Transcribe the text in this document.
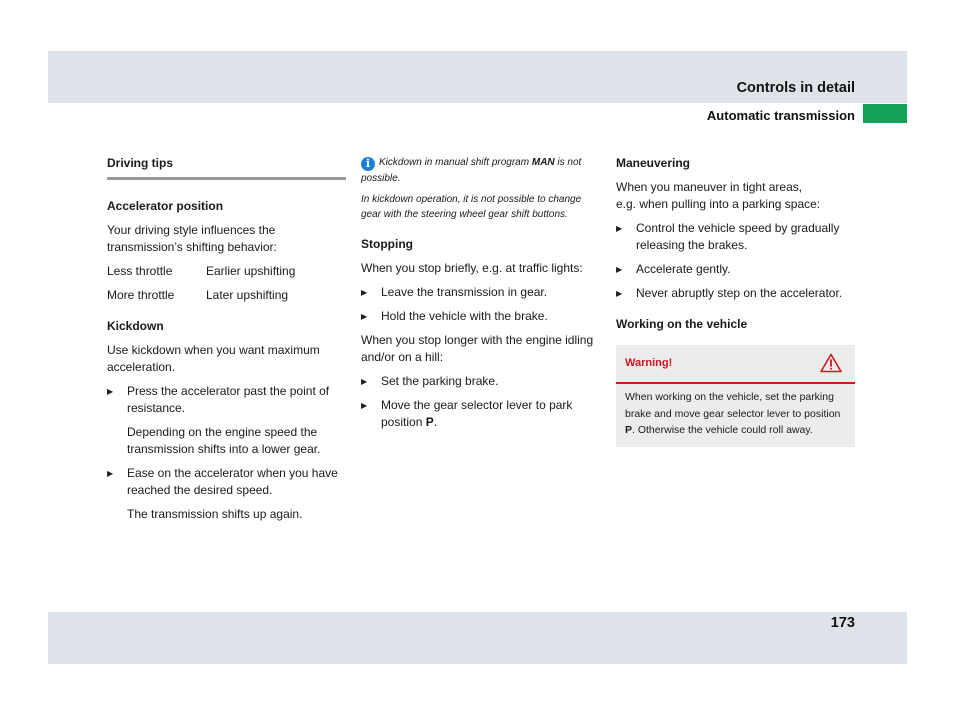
Controls in detail
Automatic transmission
Driving tips
Accelerator position

Your driving style influences the transmission’s shifting behavior:

Less throttle	Earlier upshifting
More throttle	Later upshifting
Kickdown

Use kickdown when you want maximum acceleration.

▶	Press the accelerator past the point of resistance.

Depending on the engine speed the transmission shifts into a lower gear.

▶	Ease on the accelerator when you have reached the desired speed.

The transmission shifts up again.

i Kickdown in manual shift program MAN is not possible.

In kickdown operation, it is not possible to change gear with the steering wheel gear shift buttons.

Stopping

When you stop briefly, e.g. at traffic lights:

▶	Leave the transmission in gear.
▶	Hold the vehicle with the brake.

When you stop longer with the engine idling and/or on a hill:

▶	Set the parking brake.
▶	Move the gear selector lever to park position P.
Maneuvering

When you maneuver in tight areas,
e.g. when pulling into a parking space:

▶	Control the vehicle speed by gradually releasing the brakes.
▶	Accelerate gently.
▶	Never abruptly step on the accelerator.
Working on the vehicle
Warning!
When working on the vehicle, set the parking brake and move gear selector lever to position P. Otherwise the vehicle could roll away.
173
